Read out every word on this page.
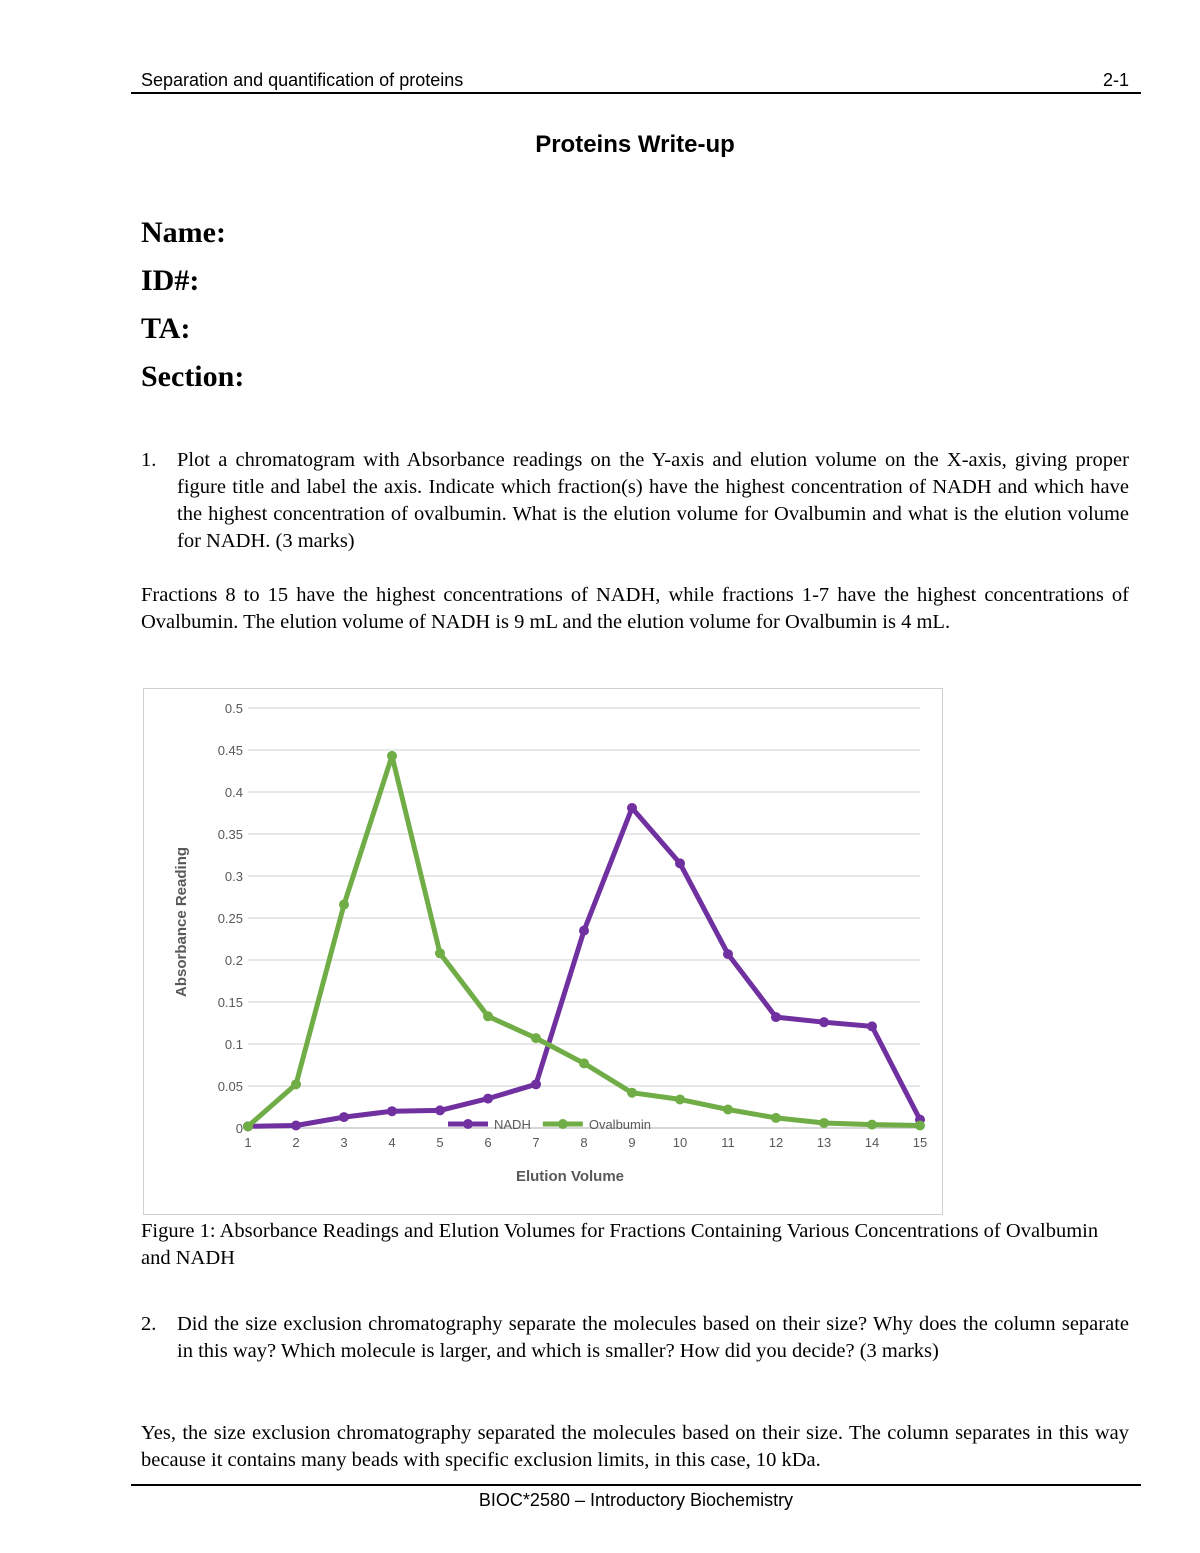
Separation and quantification of proteins	2-1
Proteins Write-up
Name:
ID#:
TA:
Section:
1. Plot a chromatogram with Absorbance readings on the Y-axis and elution volume on the X-axis, giving proper figure title and label the axis. Indicate which fraction(s) have the highest concentration of NADH and which have the highest concentration of ovalbumin. What is the elution volume for Ovalbumin and what is the elution volume for NADH. (3 marks)
Fractions 8 to 15 have the highest concentrations of NADH, while fractions 1-7 have the highest concentrations of Ovalbumin. The elution volume of NADH is 9 mL and the elution volume for Ovalbumin is 4 mL.
0
0.05
0.1
0.15
0.2
0.25
0.3
0.35
0.4
0.45
0.5
1	2	3	4	5	6	7	8	9	10	11	12	13	14	15
Elution Volume
Absorbance Reading
NADH	Ovalbumin
Figure 1: Absorbance Readings and Elution Volumes for Fractions Containing Various Concentrations of Ovalbumin and NADH
2. Did the size exclusion chromatography separate the molecules based on their size? Why does the column separate in this way? Which molecule is larger, and which is smaller? How did you decide? (3 marks)
Yes, the size exclusion chromatography separated the molecules based on their size. The column separates in this way because it contains many beads with specific exclusion limits, in this case, 10 kDa.
BIOC*2580 – Introductory Biochemistry
